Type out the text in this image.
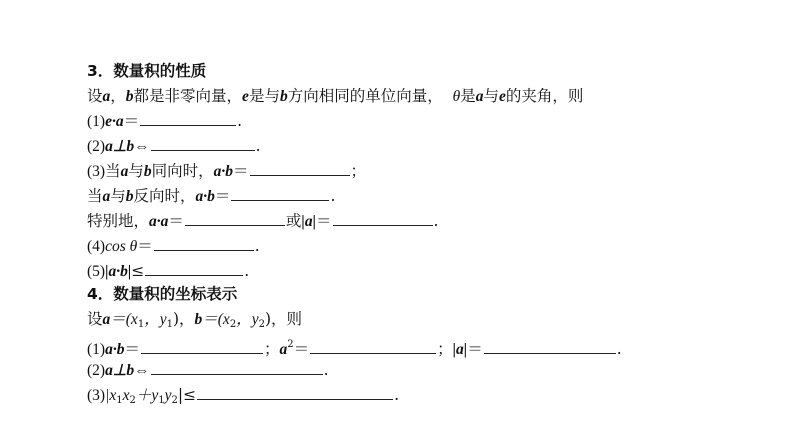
3．数量积的性质
设a，b都是非零向量，e是与b方向相同的单位向量， θ是a与e的夹角，则
(1)e·a＝	.
(2)a⊥b⇔	.
(3)当a与b同向时，a·b＝	；
当a与b反向时，a·b＝	.
特别地，a·a＝	或|a|＝	.
(4)cos θ＝	.
(5)|a·b|≤	.
4．数量积的坐标表示
设$a=(x_1$，$y_1$)，$b=(x_2$，$y_2$)，则
(1)a·b＝	；$a^2=$	；|a|＝	.
(2)a⊥b⇔	.
$(3)|x_1x_2+y_1y_2|\le$	.
